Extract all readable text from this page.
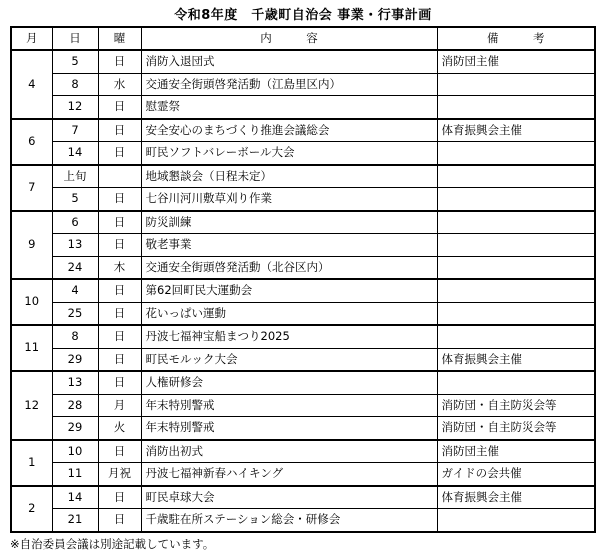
令和8年度　千歳町自治会 事業・行事計画
月	日	曜	内　　　容	備　　　考
4	5	日	消防入退団式	消防団主催
	8	水	交通安全街頭啓発活動（江島里区内）	
	12	日	慰霊祭	
6	7	日	安全安心のまちづくり推進会議総会	体育振興会主催
	14	日	町民ソフトバレーボール大会	
7	上旬		地域懇談会（日程未定）	
	5	日	七谷川河川敷草刈り作業	
9	6	日	防災訓練	
	13	日	敬老事業	
	24	木	交通安全街頭啓発活動（北谷区内）	
10	4	日	第62回町民大運動会	
	25	日	花いっぱい運動	
11	8	日	丹波七福神宝船まつり2025	
	29	日	町民モルック大会	体育振興会主催
12	13	日	人権研修会	
	28	月	年末特別警戒	消防団・自主防災会等
	29	火	年末特別警戒	消防団・自主防災会等
1	10	日	消防出初式	消防団主催
	11	月祝	丹波七福神新春ハイキング	ガイドの会共催
2	14	日	町民卓球大会	体育振興会主催
	21	日	千歳駐在所ステーション総会・研修会	
※自治委員会議は別途記載しています。
